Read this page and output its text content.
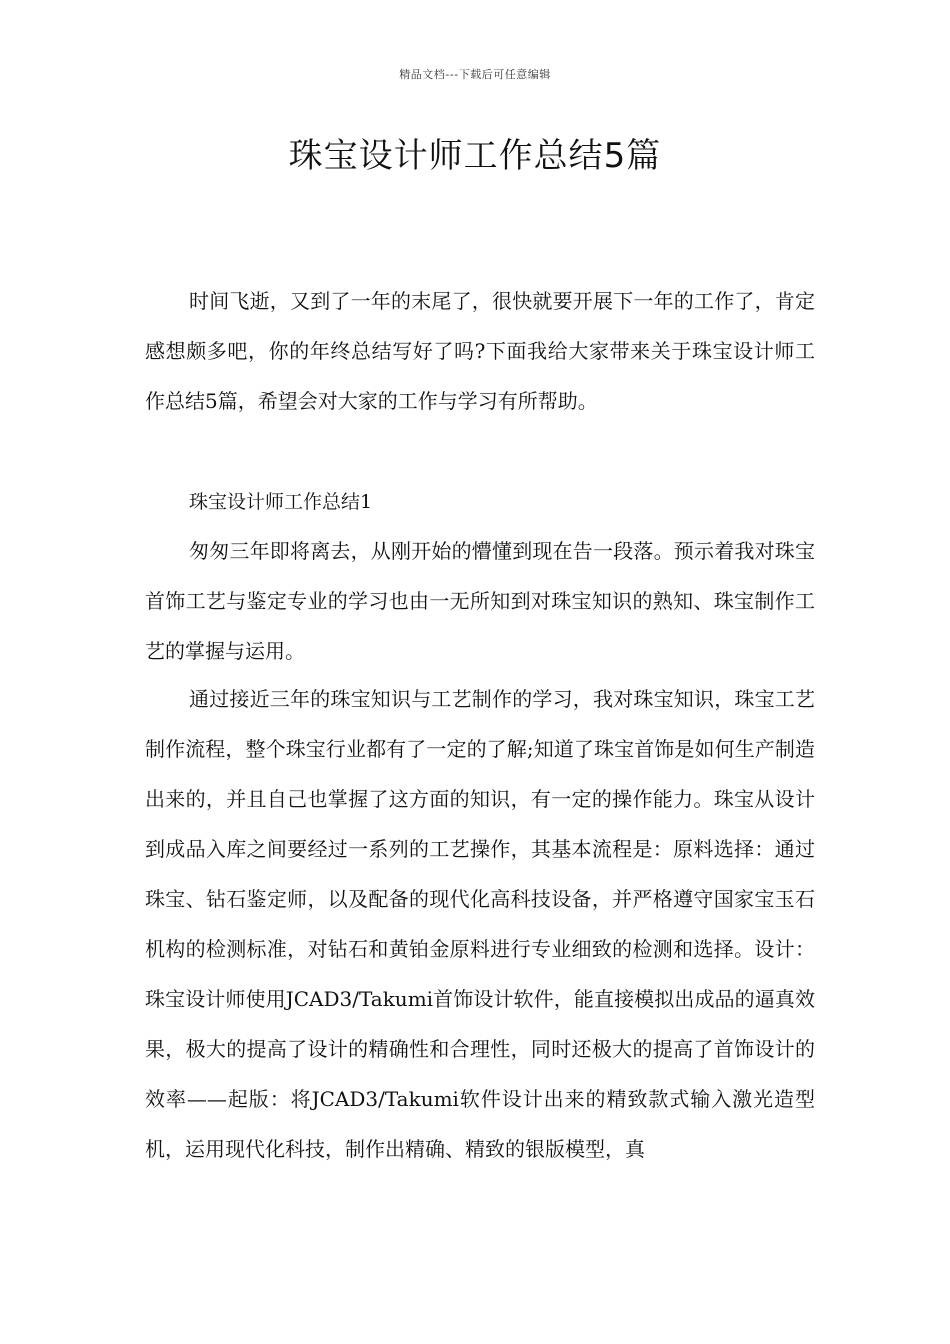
精品文档---下载后可任意编辑
珠宝设计师工作总结5篇

时间飞逝，又到了一年的末尾了，很快就要开展下一年的工作了，肯定感想颇多吧，你的年终总结写好了吗?下面我给大家带来关于珠宝设计师工作总结5篇，希望会对大家的工作与学习有所帮助。

珠宝设计师工作总结1

匆匆三年即将离去，从刚开始的懵懂到现在告一段落。预示着我对珠宝首饰工艺与鉴定专业的学习也由一无所知到对珠宝知识的熟知、珠宝制作工艺的掌握与运用。

通过接近三年的珠宝知识与工艺制作的学习，我对珠宝知识，珠宝工艺制作流程，整个珠宝行业都有了一定的了解;知道了珠宝首饰是如何生产制造出来的，并且自己也掌握了这方面的知识，有一定的操作能力。珠宝从设计到成品入库之间要经过一系列的工艺操作，其基本流程是：原料选择：通过珠宝、钻石鉴定师，以及配备的现代化高科技设备，并严格遵守国家宝玉石机构的检测标准，对钻石和黄铂金原料进行专业细致的检测和选择。设计：珠宝设计师使用JCAD3/Takumi首饰设计软件，能直接模拟出成品的逼真效果，极大的提高了设计的精确性和合理性，同时还极大的提高了首饰设计的效率——起版：将JCAD3/Takumi软件设计出来的精致款式输入激光造型机，运用现代化科技，制作出精确、精致的银版模型，真
